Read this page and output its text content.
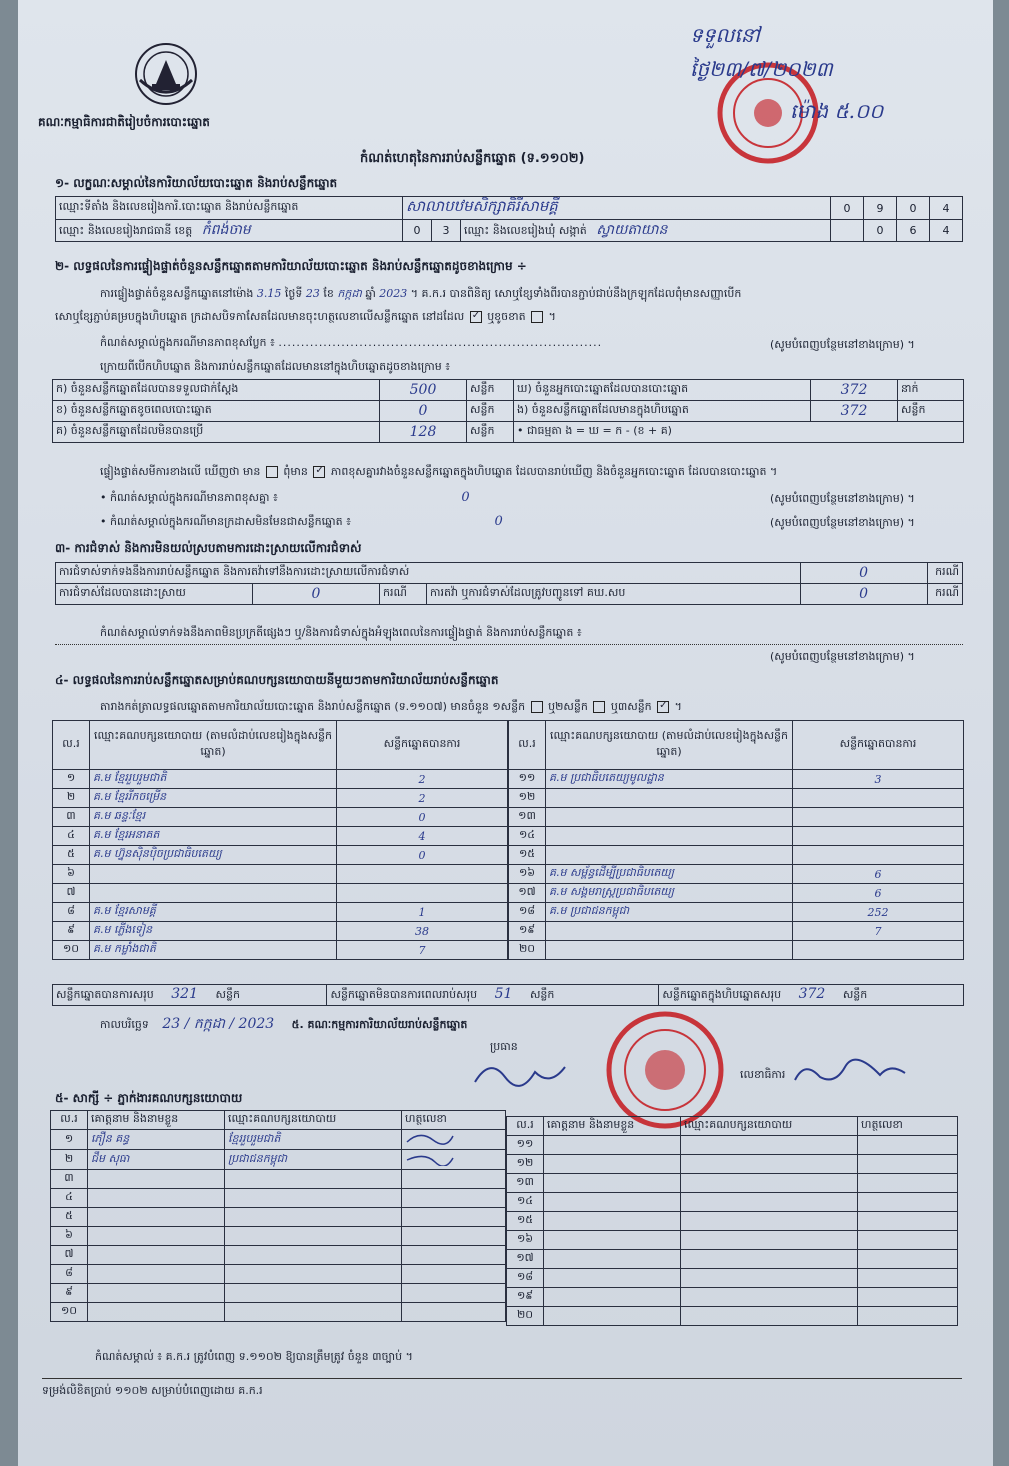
គណៈកម្មាធិការជាតិរៀបចំការបោះឆ្នោត
ទទួលនៅ
ថ្ងៃ២៣/៧/២០២៣
ម៉ោង ៥.០០
កំណត់ហេតុនៃការរាប់សន្លឹកឆ្នោត (ទ.១១០២)
១- លក្ខណៈសម្គាល់នៃការិយាល័យបោះឆ្នោត និងរាប់សន្លឹកឆ្នោត
ឈ្មោះទីតាំង និងលេខរៀងការិ.បោះឆ្នោត និងរាប់សន្លឹកឆ្នោត	សាលាបឋមសិក្សាគិរីសាមគ្គី			0	9	0	4
ឈ្មោះ និងលេខរៀងរាជធានី ខេត្ត កំពង់ចាម	0	3	ឈ្មោះ និងលេខរៀងឃុំ សង្កាត់ ស្វាយតាយាន		0	6	4
២- លទ្ធផលនៃការផ្ទៀងផ្ទាត់ចំនួនសន្លឹកឆ្នោតតាមការិយាល័យបោះឆ្នោត និងរាប់សន្លឹកឆ្នោតដូចខាងក្រោម ÷
ការផ្ទៀងផ្ទាត់ចំនួនសន្លឹកឆ្នោតនៅម៉ោង 3.15 ថ្ងៃទី 23 ខែ កក្កដា ឆ្នាំ 2023 ។ គ.ក.រ បានពិនិត្យ សោឬខ្សែទាំងពីរបានភ្ជាប់ជាប់នឹងក្រឡុកដែលពុំមានសញ្ញាបើក
សោឬខ្សែភ្ជាប់គម្របក្នុងហិបឆ្នោត ក្រដាសបិទកាសែតដែលមានចុះហត្ថលេខាលើសន្លឹកឆ្នោត នៅដដែល ✓ ឬខូចខាត  ។
កំណត់សម្គាល់ក្នុងករណីមានភាពខុសប្លែក ៖ ........................................................................	(សូមបំពេញបន្ថែមនៅខាងក្រោម) ។
ក្រោយពីបើកហិបឆ្នោត និងការរាប់សន្លឹកឆ្នោតដែលមាននៅក្នុងហិបឆ្នោតដូចខាងក្រោម ៖
ក) ចំនួនសន្លឹកឆ្នោតដែលបានទទួលជាក់ស្តែង	500	សន្លឹក	ឃ) ចំនួនអ្នកបោះឆ្នោតដែលបានបោះឆ្នោត	372	នាក់
ខ) ចំនួនសន្លឹកឆ្នោតខូចពេលបោះឆ្នោត	0	សន្លឹក	ង) ចំនួនសន្លឹកឆ្នោតដែលមានក្នុងហិបឆ្នោត	372	សន្លឹក
គ) ចំនួនសន្លឹកឆ្នោតដែលមិនបានប្រើ	128	សន្លឹក	• ជាធម្មតា ង = ឃ = ក - (ខ + គ)		
ផ្ទៀងផ្ទាត់សមីការខាងលើ ឃើញថា មាន ពុំមាន ✓ ភាពខុសគ្នារវាងចំនួនសន្លឹកឆ្នោតក្នុងហិបឆ្នោត ដែលបានរាប់ឃើញ និងចំនួនអ្នកបោះឆ្នោត ដែលបានបោះឆ្នោត ។
• កំណត់សម្គាល់ក្នុងករណីមានភាពខុសគ្នា ៖	0	(សូមបំពេញបន្ថែមនៅខាងក្រោម) ។
• កំណត់សម្គាល់ក្នុងករណីមានក្រដាសមិនមែនជាសន្លឹកឆ្នោត ៖	0	(សូមបំពេញបន្ថែមនៅខាងក្រោម) ។
៣- ការជំទាស់ និងការមិនយល់ស្របតាមការដោះស្រាយលើការជំទាស់
ការជំទាស់ទាក់ទងនឹងការរាប់សន្លឹកឆ្នោត និងការតវ៉ាទៅនឹងការដោះស្រាយលើការជំទាស់				0	ករណី
ការជំទាស់ដែលបានដោះស្រាយ	0	ករណី	ការតវ៉ា ឬការជំទាស់ដែលត្រូវបញ្ជូនទៅ គឃ.សប	0	ករណី
កំណត់សម្គាល់ទាក់ទងនឹងភាពមិនប្រក្រតីផ្សេងៗ ឬ/និងការជំទាស់ក្នុងអំឡុងពេលនៃការផ្ទៀងផ្ទាត់ និងការរាប់សន្លឹកឆ្នោត ៖
(សូមបំពេញបន្ថែមនៅខាងក្រោម) ។
៤- លទ្ធផលនៃការរាប់សន្លឹកឆ្នោតសម្រាប់គណបក្សនយោបាយនីមួយៗតាមការិយាល័យរាប់សន្លឹកឆ្នោត
តារាងកត់ត្រាលទ្ធផលឆ្នោតតាមការិយាល័យបោះឆ្នោត និងរាប់សន្លឹកឆ្នោត (ទ.១១០៧) មានចំនួន ១សន្លឹក ឬ២សន្លឹក ឬ៣សន្លឹក ✓ ។
ល.រ	ឈ្មោះគណបក្សនយោបាយ (តាមលំដាប់លេខរៀងក្នុងសន្លឹកឆ្នោត)	សន្លឹកឆ្នោតបានការ
១	គ.ម ខ្មែររួបរួមជាតិ	2
២	គ.ម ខ្មែររីកចម្រើន	2
៣	គ.ម ឆន្ទៈខ្មែរ	0
៤	គ.ម ខ្មែរអនាគត	4
៥	គ.ម ហ្វ៊ុនស៊ិនប៉ិចប្រជាធិបតេយ្យ	0
៦		
៧		
៨	គ.ម ខ្មែរសាមគ្គី	1
៩	គ.ម ភ្លើងទៀន	38
១០	គ.ម កម្លាំងជាតិ	7
ល.រ	ឈ្មោះគណបក្សនយោបាយ (តាមលំដាប់លេខរៀងក្នុងសន្លឹកឆ្នោត)	សន្លឹកឆ្នោតបានការ
១១	គ.ម ប្រជាធិបតេយ្យមូលដ្ឋាន	3
១២		
១៣		
១៤		
១៥		
១៦	គ.ម សម្ព័ន្ធដើម្បីប្រជាធិបតេយ្យ	6
១៧	គ.ម សង្គមរាស្ត្រប្រជាធិបតេយ្យ	6
១៨	គ.ម ប្រជាជនកម្ពុជា	252
១៩		7
២០		
សន្លឹកឆ្នោតបានការសរុប 321 សន្លឹក	សន្លឹកឆ្នោតមិនបានការពេលរាប់សរុប 51 សន្លឹក	សន្លឹកឆ្នោតក្នុងហិបឆ្នោតសរុប 372 សន្លឹក
កាលបរិច្ឆេទ 23 / កក្កដា / 2023 ៥. គណៈកម្មការការិយាល័យរាប់សន្លឹកឆ្នោត
ប្រធាន
លេខាធិការ
៥- សាក្សី ÷ ភ្នាក់ងារគណបក្សនយោបាយ
ល.រ	គោត្តនាម និងនាមខ្លួន	ឈ្មោះគណបក្សនយោបាយ	ហត្ថលេខា
១	ភឿន គន្ធ	ខ្មែររួបរួមជាតិ	
២	ជឹម សុធា	ប្រជាជនកម្ពុជា	
៣			
៤			
៥			
៦			
៧			
៨			
៩			
១០			
ល.រ	គោត្តនាម និងនាមខ្លួន	ឈ្មោះគណបក្សនយោបាយ	ហត្ថលេខា
១១			
១២			
១៣			
១៤			
១៥			
១៦			
១៧			
១៨			
១៩			
២០			
កំណត់សម្គាល់ ៖ គ.ក.រ ត្រូវបំពេញ ទ.១១០២ ឱ្យបានត្រឹមត្រូវ ចំនួន ៣ច្បាប់ ។
ទម្រង់លិខិតប្រាប់ ១១០២ សម្រាប់បំពេញដោយ គ.ក.រ
